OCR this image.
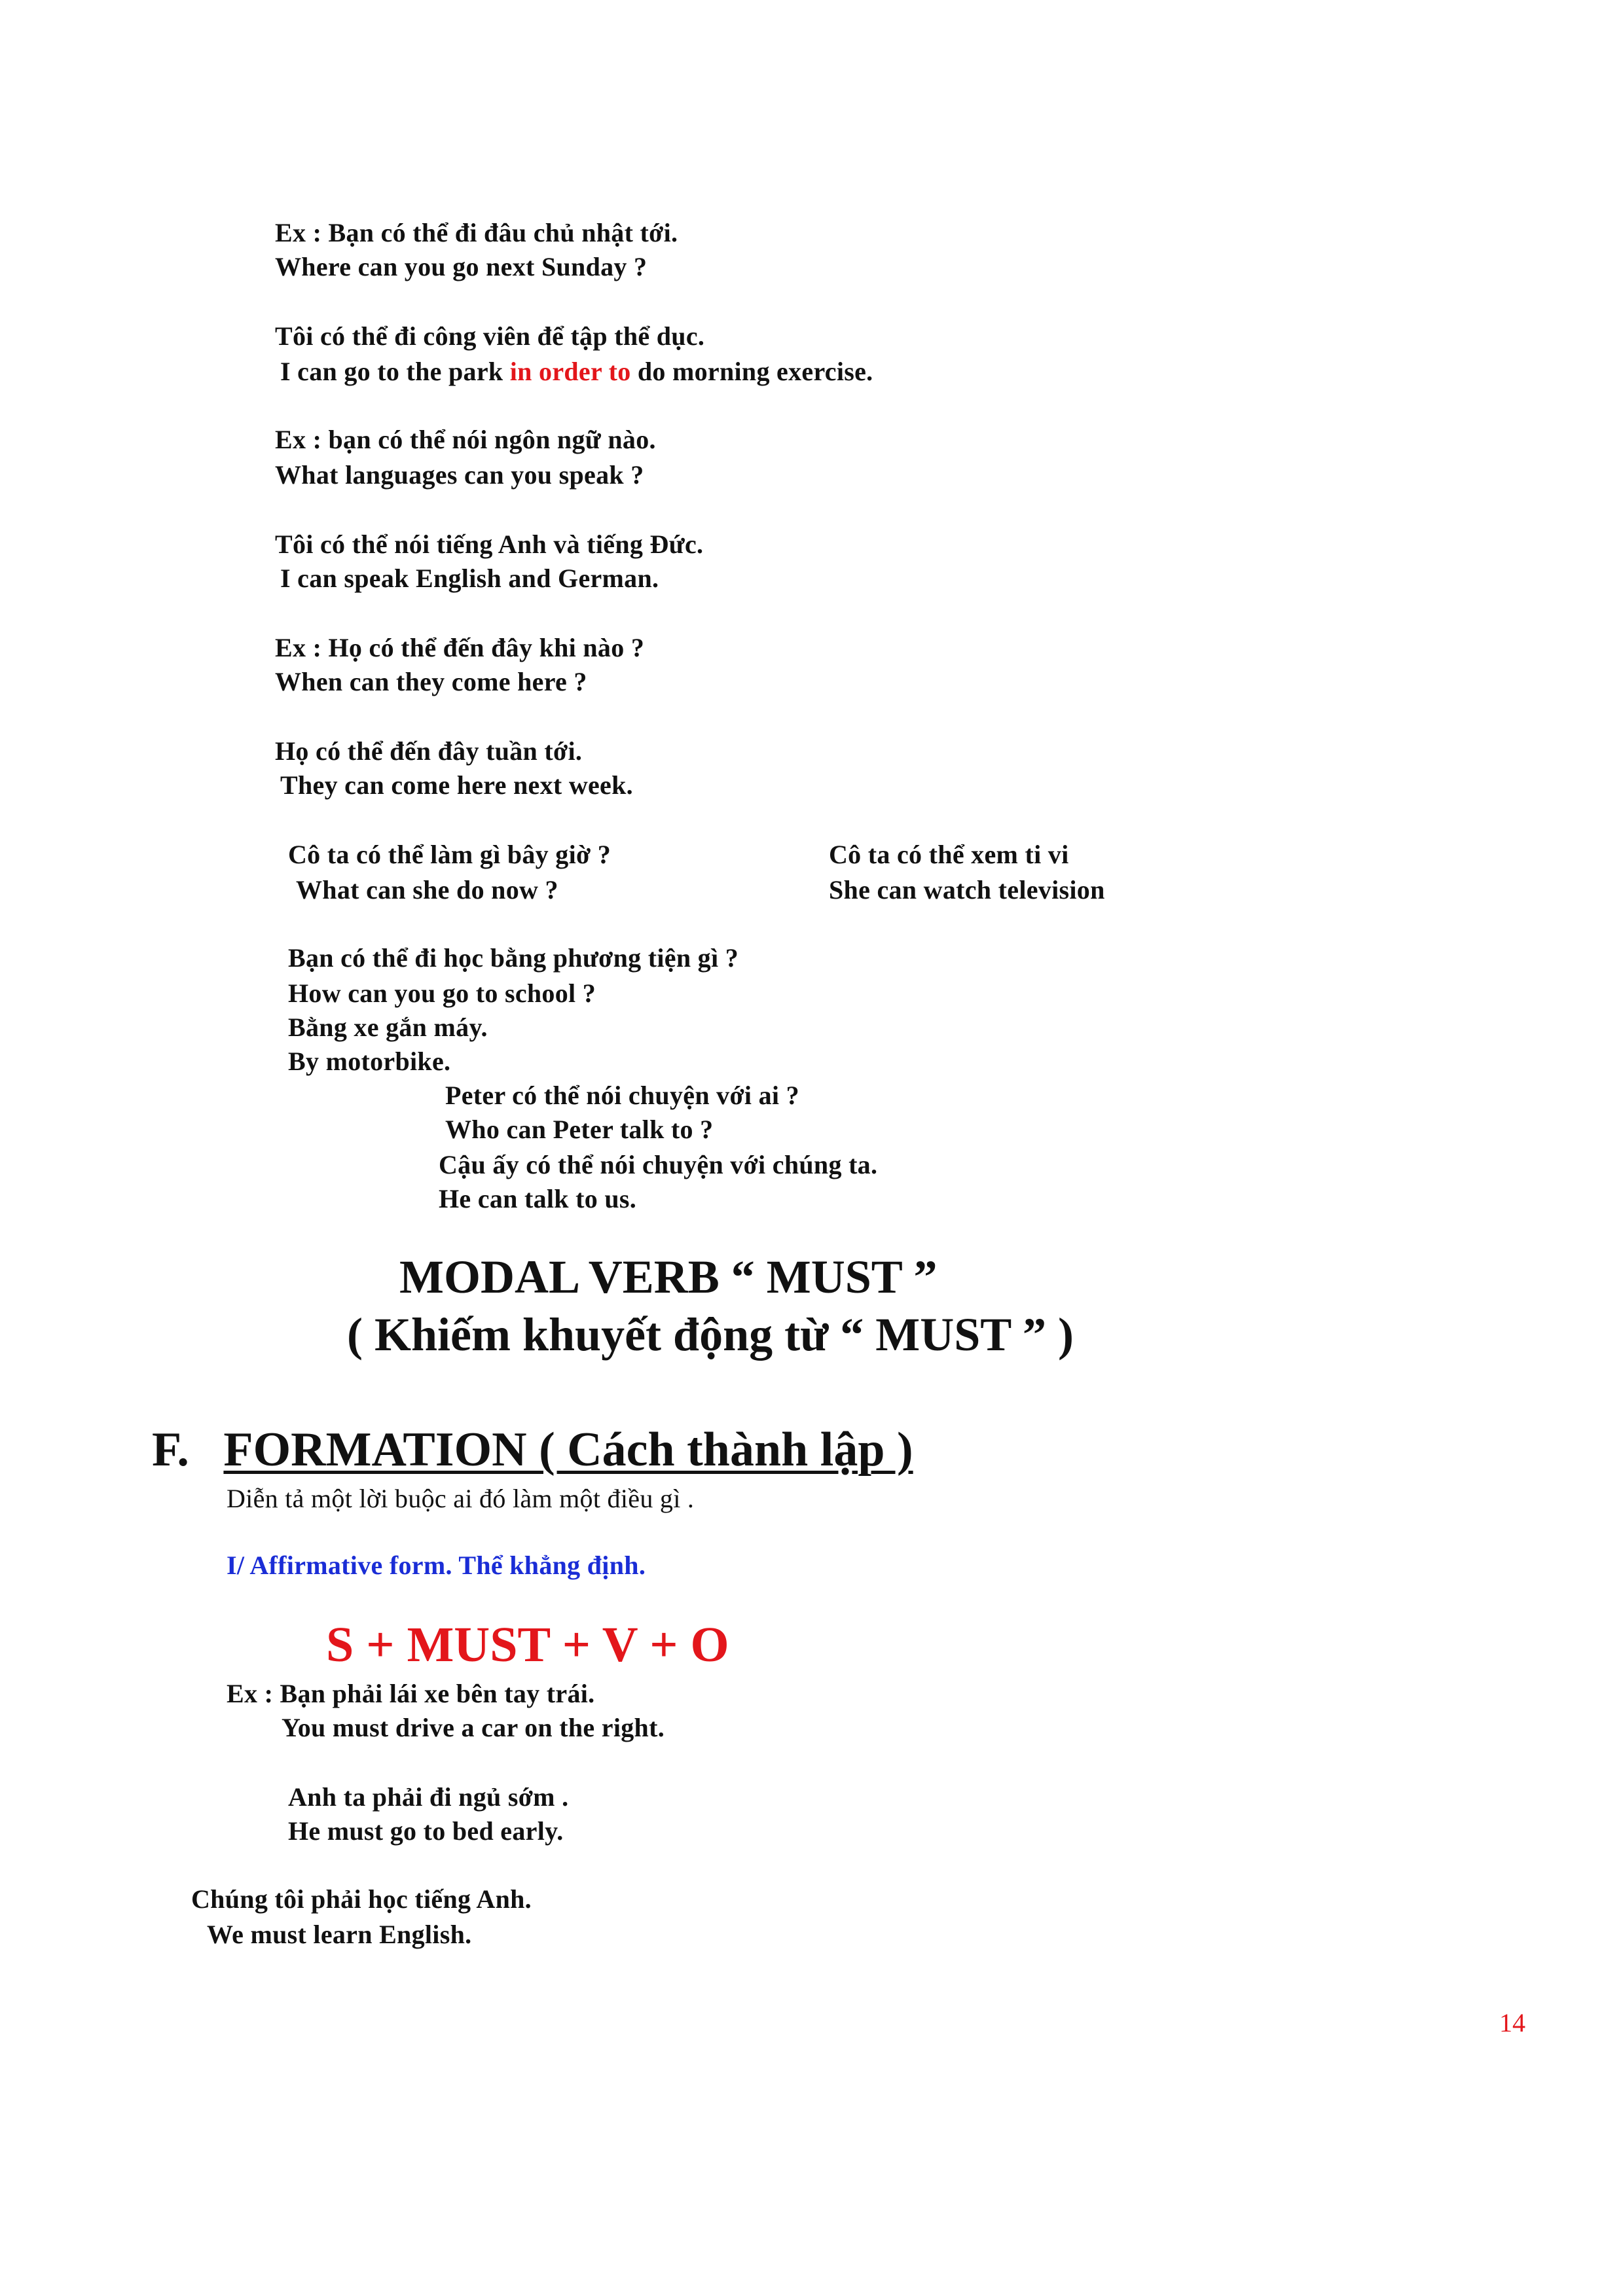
Ex : Bạn có thể đi đâu chủ nhật tới.
Where can you go next Sunday ?
Tôi có thể đi công viên để tập thể dục.
I can go to the park in order to do morning exercise.
Ex : bạn có thể nói ngôn ngữ nào.
What languages can you speak ?
Tôi có thể nói tiếng Anh và tiếng Đức.
I can speak English and German.
Ex : Họ có thể đến đây khi nào ?
When can they come here ?
Họ có thể đến đây tuần tới.
They can come here next week.
Cô ta có thể làm gì bây giờ ?
What can she do now ?
Cô ta có thể xem ti vi
She can watch television
Bạn có thể đi học bằng phương tiện gì ?
How can you go to school ?
Bằng xe gắn máy.
By motorbike.
Peter có thể nói chuyện với ai ?
Who can Peter talk to ?
Cậu ấy có thể nói chuyện với chúng ta.
He can talk to us.
MODAL VERB “ MUST ”
( Khiếm khuyết động từ “ MUST ” )
F. FORMATION ( Cách thành lập )
Diễn tả một lời buộc ai đó làm một điều gì .
I/ Affirmative form. Thể khẳng định.
S + MUST + V + O
Ex : Bạn phải lái xe bên tay trái.
You must drive a car on the right.
Anh ta phải đi ngủ sớm .
He must go to bed early.
Chúng tôi phải học tiếng Anh.
We must learn English.
14
